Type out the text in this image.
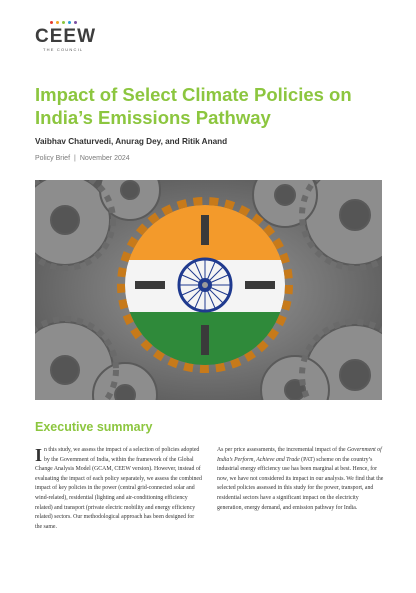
CEEW
THE COUNCIL
Impact of Select Climate Policies on India’s Emissions Pathway
Vaibhav Chaturvedi, Anurag Dey, and Ritik Anand
Policy Brief | November 2024
Executive summary

In this study, we assess the impact of a selection of policies adopted by the Government of India, within the framework of the Global Change Analysis Model (GCAM, CEEW version). However, instead of evaluating the impact of each policy separately, we assess the combined impact of key policies in the power (central grid-connected solar and wind-related), residential (lighting and air-conditioning efficiency related) and transport (private electric mobility and energy efficiency related) sectors. Our methodological approach has been designed for the same.

As per price assessments, the incremental impact of the Government of India’s Perform, Achieve and Trade (PAT) scheme on the country’s industrial energy efficiency use has been marginal at best. Hence, for now, we have not considered its impact in our analysis. We find that the selected policies assessed in this study for the power, transport, and residential sectors have a significant impact on the electricity generation, energy demand, and emission pathway for India.
